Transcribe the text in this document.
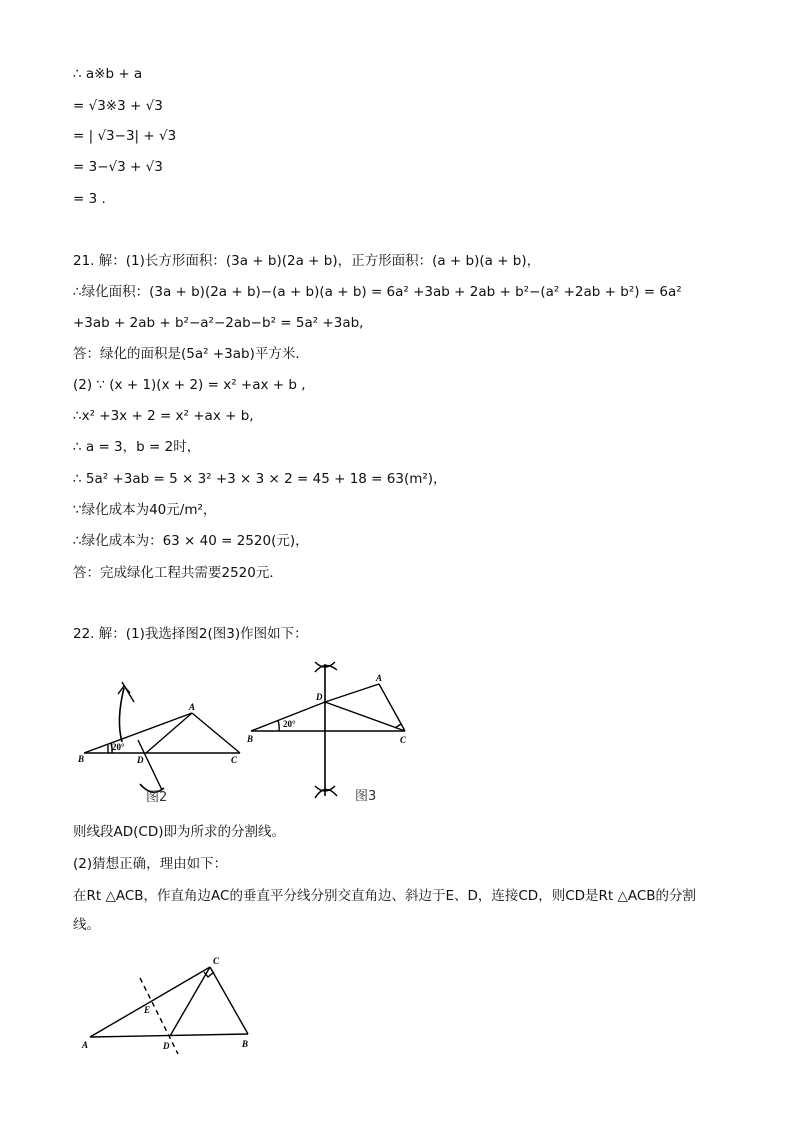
∴ a※b + a
= √3※3 + √3
= | √3−3| + √3
= 3−√3 + √3
= 3 .
21. 解：(1)长方形面积：(3a + b)(2a + b)，正方形面积：(a + b)(a + b)，
∴绿化面积：(3a + b)(2a + b)−(a + b)(a + b) = 6a² +3ab + 2ab + b²−(a² +2ab + b²) = 6a²
+3ab + 2ab + b²−a²−2ab−b² = 5a² +3ab,
答：绿化的面积是(5a² +3ab)平方米．
(2) ∵ (x + 1)(x + 2) = x² +ax + b ,
∴x² +3x + 2 = x² +ax + b,
∴ a = 3，b = 2时，
∴ 5a² +3ab = 5 × 3² +3 × 3 × 2 = 45 + 18 = 63(m²)，
∵绿化成本为40元/m²，
∴绿化成本为：63 × 40 = 2520(元)，
答：完成绿化工程共需要2520元．
22. 解：(1)我选择图2(图3)作图如下：
B
A
C
D
20°
图2
B
A
C
D
20°
图3
则线段AD(CD)即为所求的分割线。
(2)猜想正确，理由如下：
在Rt △ACB，作直角边AC的垂直平分线分别交直角边、斜边于E、D，连接CD，则CD是Rt △ACB的分割
线。
A	B
C
D
E
